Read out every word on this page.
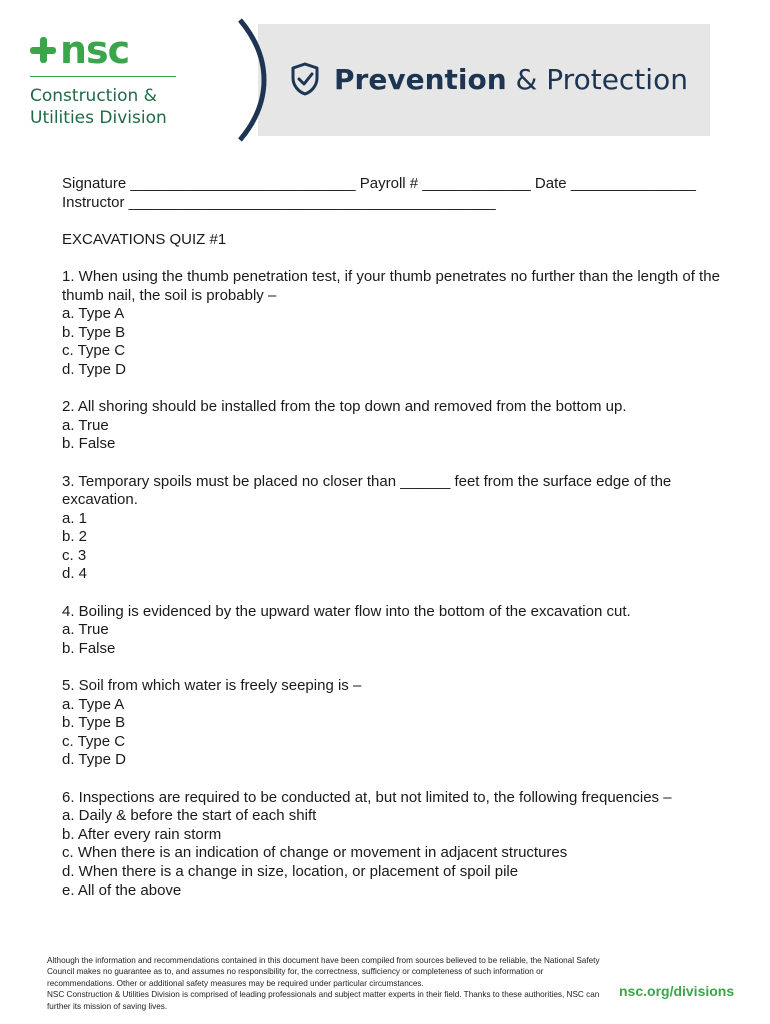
nsc
Construction &
Utilities Division
Prevention & Protection

Signature ___________________________ Payroll # _____________ Date _______________

Instructor ____________________________________________

EXCAVATIONS QUIZ #1

1. When using the thumb penetration test, if your thumb penetrates no further than the length of the thumb nail, the soil is probably –

a. Type A

b. Type B

c. Type C

d. Type D

2. All shoring should be installed from the top down and removed from the bottom up.

a. True

b. False

3. Temporary spoils must be placed no closer than ______ feet from the surface edge of the excavation.

a. 1

b. 2

c. 3

d. 4

4. Boiling is evidenced by the upward water flow into the bottom of the excavation cut.

a. True

b. False

5. Soil from which water is freely seeping is –

a. Type A

b. Type B

c. Type C

d. Type D

6. Inspections are required to be conducted at, but not limited to, the following frequencies –

a. Daily & before the start of each shift

b. After every rain storm

c. When there is an indication of change or movement in adjacent structures

d. When there is a change in size, location, or placement of spoil pile

e. All of the above

Although the information and recommendations contained in this document have been compiled from sources believed to be reliable, the National Safety Council makes no guarantee as to, and assumes no responsibility for, the correctness, sufficiency or completeness of such information or recommendations. Other or additional safety measures may be required under particular circumstances.

NSC Construction & Utilities Division is comprised of leading professionals and subject matter experts in their field. Thanks to these authorities, NSC can further its mission of saving lives.

nsc.org/divisions
